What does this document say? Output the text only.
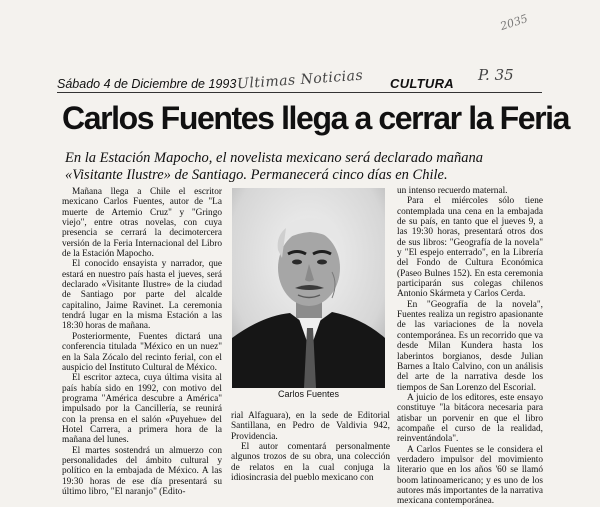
2035
Ultimas Noticias	P. 35
Sábado 4 de Diciembre de 1993	CULTURA
Carlos Fuentes llega a cerrar la Feria
En la Estación Mapocho, el novelista mexicano será declarado mañana «Visitante Ilustre» de Santiago. Permanecerá cinco días en Chile.

Mañana llega a Chile el escritor mexicano Carlos Fuentes, autor de "La muerte de Artemio Cruz" y "Gringo viejo", entre otras novelas, con cuya presencia se cerrará la decimotercera versión de la Feria Internacional del Libro de la Estación Mapocho.

El conocido ensayista y narrador, que estará en nuestro país hasta el jueves, será declarado «Visitante Ilustre» de la ciudad de Santiago por parte del alcalde capitalino, Jaime Ravinet. La ceremonia tendrá lugar en la misma Estación a las 18:30 horas de mañana.

Posteriormente, Fuentes dictará una conferencia titulada "México en un nuez" en la Sala Zócalo del recinto ferial, con el auspicio del Instituto Cultural de México.

El escritor azteca, cuya última visita al país había sido en 1992, con motivo del programa "América descubre a América" impulsado por la Cancillería, se reunirá con la prensa en el salón «Puyehue» del Hotel Carrera, a primera hora de la mañana del lunes.

El martes sostendrá un almuerzo con personalidades del ámbito cultural y político en la embajada de México. A las 19:30 horas de ese día presentará su último libro, "El naranjo" (Edito-

Carlos Fuentes

rial Alfaguara), en la sede de Editorial Santillana, en Pedro de Valdivia 942, Providencia.

El autor comentará personalmente algunos trozos de su obra, una colección de relatos en la cual conjuga la idiosincrasia del pueblo mexicano con

un intenso recuerdo maternal.

Para el miércoles sólo tiene contemplada una cena en la embajada de su país, en tanto que el jueves 9, a las 19:30 horas, presentará otros dos de sus libros: "Geografía de la novela" y "El espejo enterrado", en la Librería del Fondo de Cultura Económica (Paseo Bulnes 152). En esta ceremonia participarán sus colegas chilenos Antonio Skármeta y Carlos Cerda.

En "Geografía de la novela", Fuentes realiza un registro apasionante de las variaciones de la novela contemporánea. Es un recorrido que va desde Milan Kundera hasta los laberintos borgianos, desde Julian Barnes a Italo Calvino, con un análisis del arte de la narrativa desde los tiempos de San Lorenzo del Escorial.

A juicio de los editores, este ensayo constituye "la bitácora necesaria para atisbar un porvenir en que el libro acompañe el curso de la realidad, reinventándola".

A Carlos Fuentes se le considera el verdadero impulsor del movimiento literario que en los años '60 se llamó boom latinoamericano; y es uno de los autores más importantes de la narrativa mexicana contemporánea.
